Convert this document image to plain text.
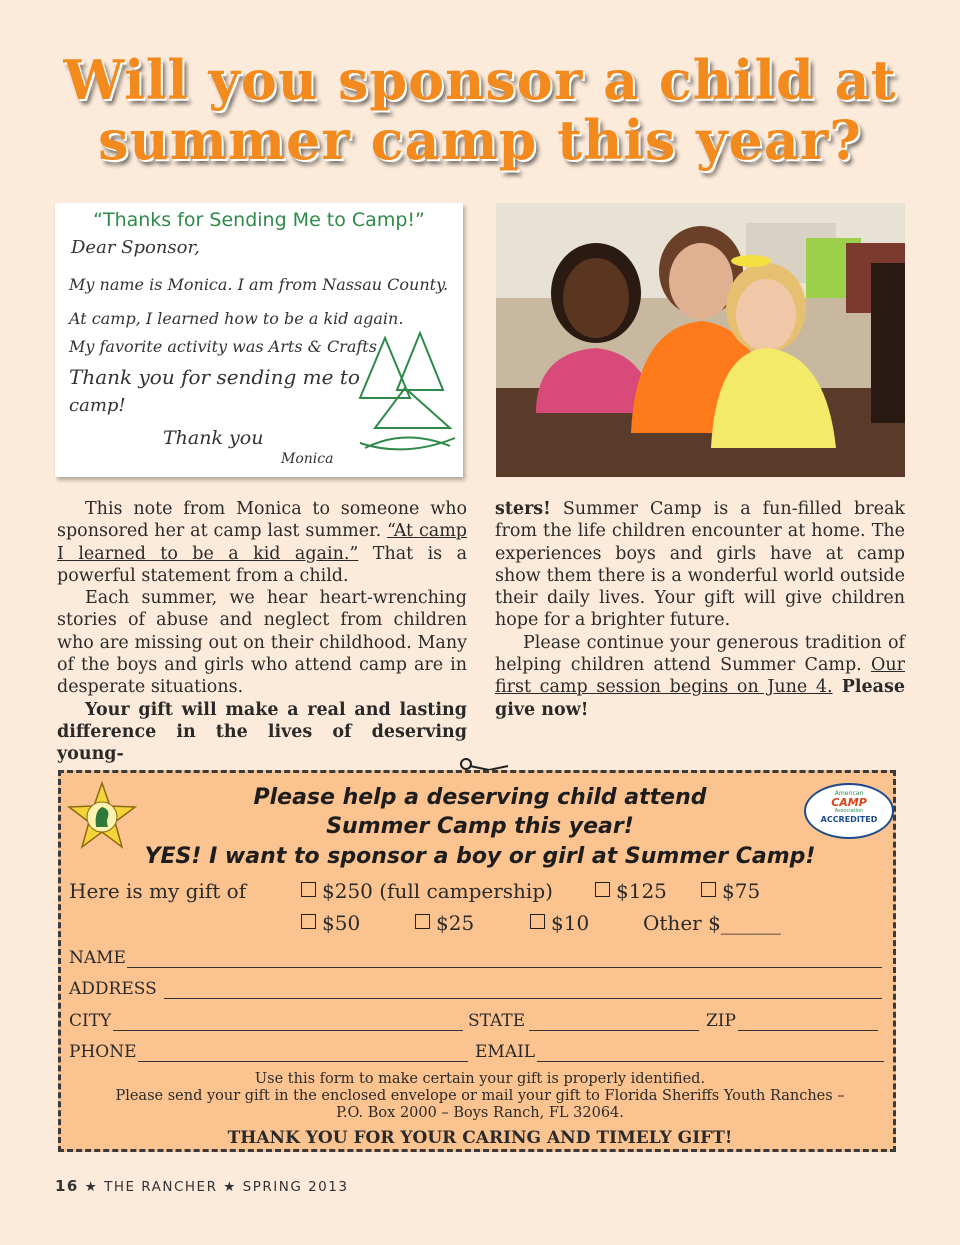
Will you sponsor a child at
summer camp this year?
“Thanks for Sending Me to Camp!”
Dear Sponsor,
My name is Monica. I am from Nassau County.
At camp, I learned how to be a kid again.
My favorite activity was Arts & Crafts
Thank you for sending me to
camp!
Thank you
Monica

This note from Monica to someone who sponsored her at camp last summer. “At camp I learned to be a kid again.” That is a powerful statement from a child.

Each summer, we hear heart-wrenching stories of abuse and neglect from children who are missing out on their childhood. Many of the boys and girls who attend camp are in desperate situations.

Your gift will make a real and lasting difference in the lives of deserving young-

sters! Summer Camp is a fun-filled break from the life children encounter at home. The experiences boys and girls have at camp show them there is a wonderful world outside their daily lives. Your gift will give children hope for a brighter future.

Please continue your generous tradition of helping children attend Summer Camp. Our first camp session begins on June 4. Please give now!

Please help a deserving child attend
Summer Camp this year!
YES! I want to sponsor a boy or girl at Summer Camp!
American
CAMP
Association
ACCREDITED
Here is my gift of	$250 (full campership)	$125	$75
$50	$25	$10	Other $______
NAME
ADDRESS
CITY	STATE	ZIP
PHONE	EMAIL
Use this form to make certain your gift is properly identified.
Please send your gift in the enclosed envelope or mail your gift to Florida Sheriffs Youth Ranches –
P.O. Box 2000 – Boys Ranch, FL 32064.
THANK YOU FOR YOUR CARING AND TIMELY GIFT!
16 ★ THE RANCHER ★ SPRING 2013
